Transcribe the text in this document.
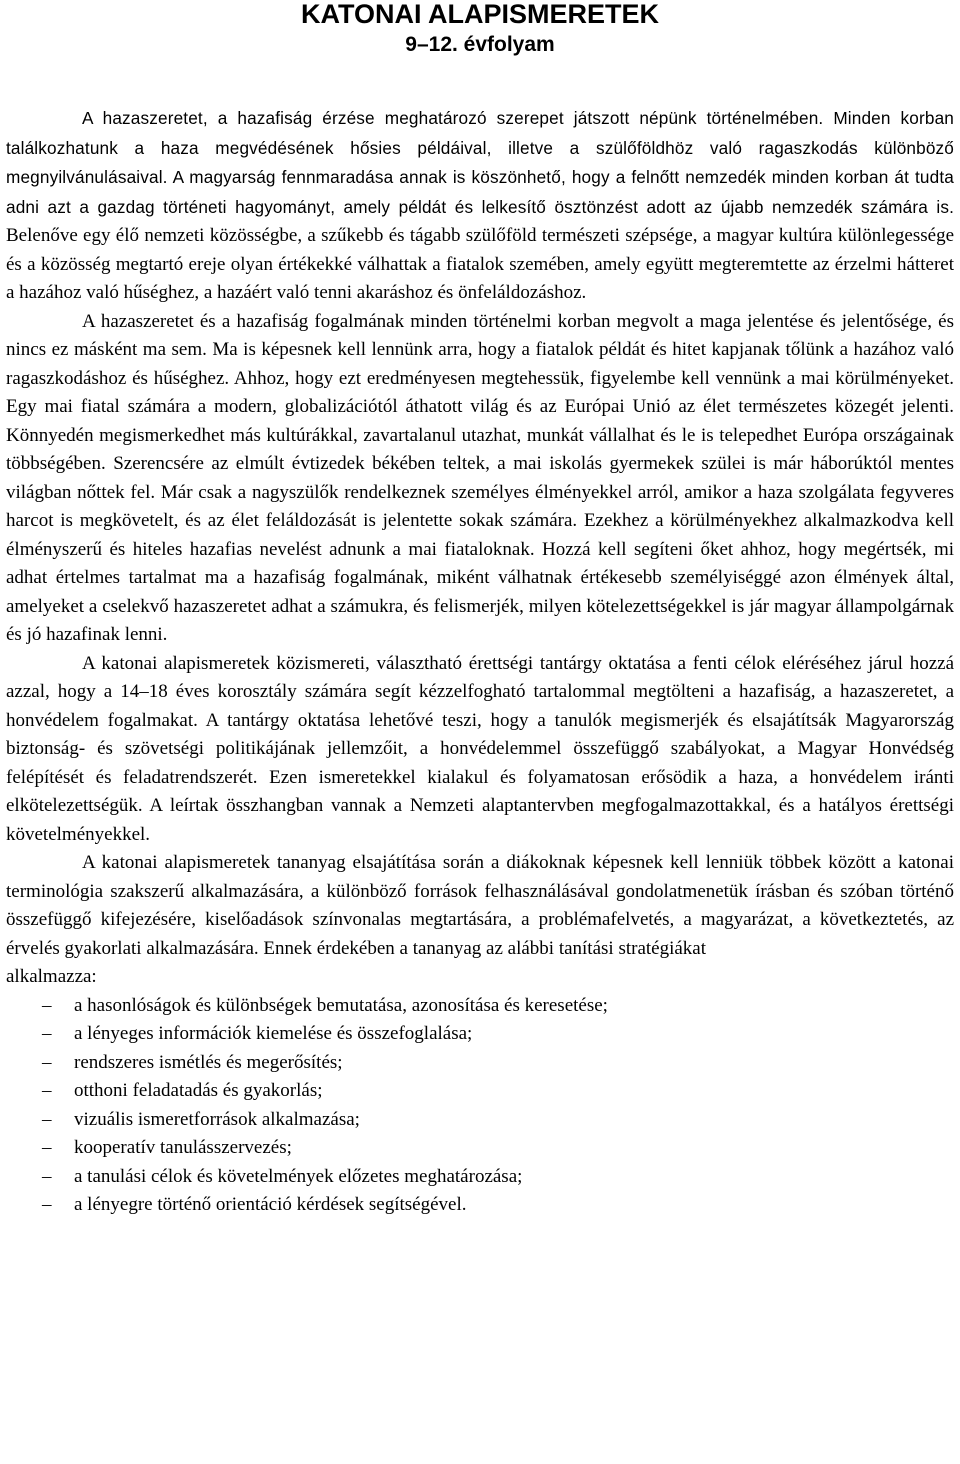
KATONAI ALAPISMERETEK
9–12. évfolyam

A hazaszeretet, a hazafiság érzése meghatározó szerepet játszott népünk történelmében. Minden korban találkozhatunk a haza megvédésének hősies példáival, illetve a szülőföldhöz való ragaszkodás különböző megnyilvánulásaival. A magyarság fennmaradása annak is köszönhető, hogy a felnőtt nemzedék minden korban át tudta adni azt a gazdag történeti hagyományt, amely példát és lelkesítő ösztönzést adott az újabb nemzedék számára is. Belenőve egy élő nemzeti közösségbe, a szűkebb és tágabb szülőföld természeti szépsége, a magyar kultúra különlegessége és a közösség megtartó ereje olyan értékekké válhattak a fiatalok szemében, amely együtt megteremtette az érzelmi hátteret a hazához való hűséghez, a hazáért való tenni akaráshoz és önfeláldozáshoz.

A hazaszeretet és a hazafiság fogalmának minden történelmi korban megvolt a maga jelentése és jelentősége, és nincs ez másként ma sem. Ma is képesnek kell lennünk arra, hogy a fiatalok példát és hitet kapjanak tőlünk a hazához való ragaszkodáshoz és hűséghez. Ahhoz, hogy ezt eredményesen megtehessük, figyelembe kell vennünk a mai körülményeket. Egy mai fiatal számára a modern, globalizációtól áthatott világ és az Európai Unió az élet természetes közegét jelenti. Könnyedén megismerkedhet más kultúrákkal, zavartalanul utazhat, munkát vállalhat és le is telepedhet Európa országainak többségében. Szerencsére az elmúlt évtizedek békében teltek, a mai iskolás gyermekek szülei is már háborúktól mentes világban nőttek fel. Már csak a nagyszülők rendelkeznek személyes élményekkel arról, amikor a haza szolgálata fegyveres harcot is megkövetelt, és az élet feláldozását is jelentette sokak számára. Ezekhez a körülményekhez alkalmazkodva kell élményszerű és hiteles hazafias nevelést adnunk a mai fiataloknak. Hozzá kell segíteni őket ahhoz, hogy megértsék, mi adhat értelmes tartalmat ma a hazafiság fogalmának, miként válhatnak értékesebb személyiséggé azon élmények által, amelyeket a cselekvő hazaszeretet adhat a számukra, és felismerjék, milyen kötelezettségekkel is jár magyar állampolgárnak és jó hazafinak lenni.

A katonai alapismeretek közismereti, választható érettségi tantárgy oktatása a fenti célok eléréséhez járul hozzá azzal, hogy a 14–18 éves korosztály számára segít kézzelfogható tartalommal megtölteni a hazafiság, a hazaszeretet, a honvédelem fogalmakat. A tantárgy oktatása lehetővé teszi, hogy a tanulók megismerjék és elsajátítsák Magyarország biztonság- és szövetségi politikájának jellemzőit, a honvédelemmel összefüggő szabályokat, a Magyar Honvédség felépítését és feladatrendszerét. Ezen ismeretekkel kialakul és folyamatosan erősödik a haza, a honvédelem iránti elkötelezettségük. A leírtak összhangban vannak a Nemzeti alaptantervben megfogalmazottakkal, és a hatályos érettségi követelményekkel.

A katonai alapismeretek tananyag elsajátítása során a diákoknak képesnek kell lenniük többek között a katonai terminológia szakszerű alkalmazására, a különböző források felhasználásával gondolatmenetük írásban és szóban történő összefüggő kifejezésére, kiselőadások színvonalas megtartására, a problémafelvetés, a magyarázat, a következtetés, az érvelés gyakorlati alkalmazására. Ennek érdekében a tananyag az alábbi tanítási stratégiákat

alkalmazza:

– a hasonlóságok és különbségek bemutatása, azonosítása és keresetése;
– a lényeges információk kiemelése és összefoglalása;
– rendszeres ismétlés és megerősítés;
– otthoni feladatadás és gyakorlás;
– vizuális ismeretforrások alkalmazása;
– kooperatív tanulásszervezés;
– a tanulási célok és követelmények előzetes meghatározása;
– a lényegre történő orientáció kérdések segítségével.
